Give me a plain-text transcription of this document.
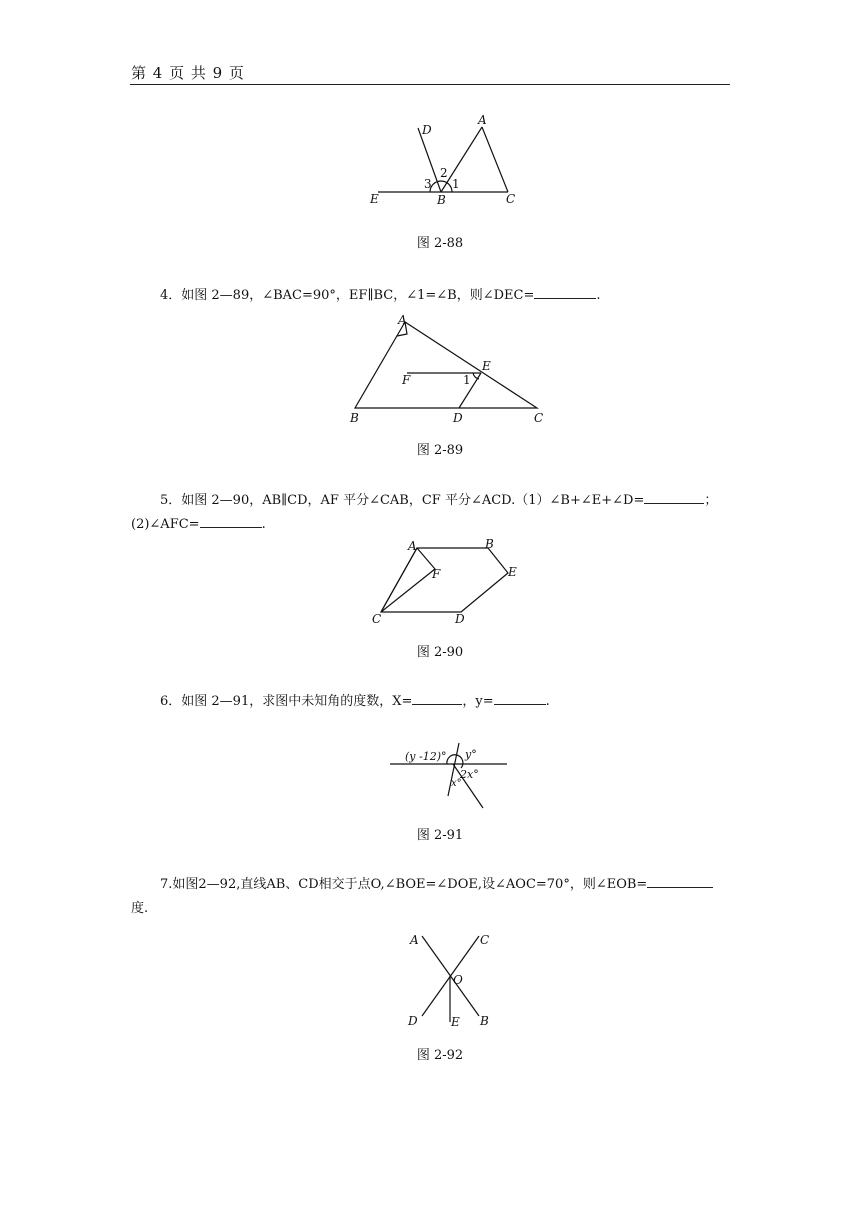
第 4 页 共 9 页
D
A
E	B	C
2
3 1
图 2-88
4．如图 2—89，∠BAC=90°，EF∥BC，∠1=∠B，则∠DEC=	.
A
E
F	1
B	D	C
图 2-89
5．如图 2—90，AB∥CD，AF 平分∠CAB，CF 平分∠ACD.（1）∠B+∠E+∠D=	；
(2)∠AFC=	.
A	B
F	E
C	D
图 2-90
6．如图 2—91，求图中未知角的度数，X=	，y=	.
(y -12)° y°
2x°
x°
图 2-91
7.如图2—92,直线AB、CD相交于点O,∠BOE=∠DOE,设∠AOC=70°，则∠EOB=
度.
A	C
O
D	E B
图 2-92
